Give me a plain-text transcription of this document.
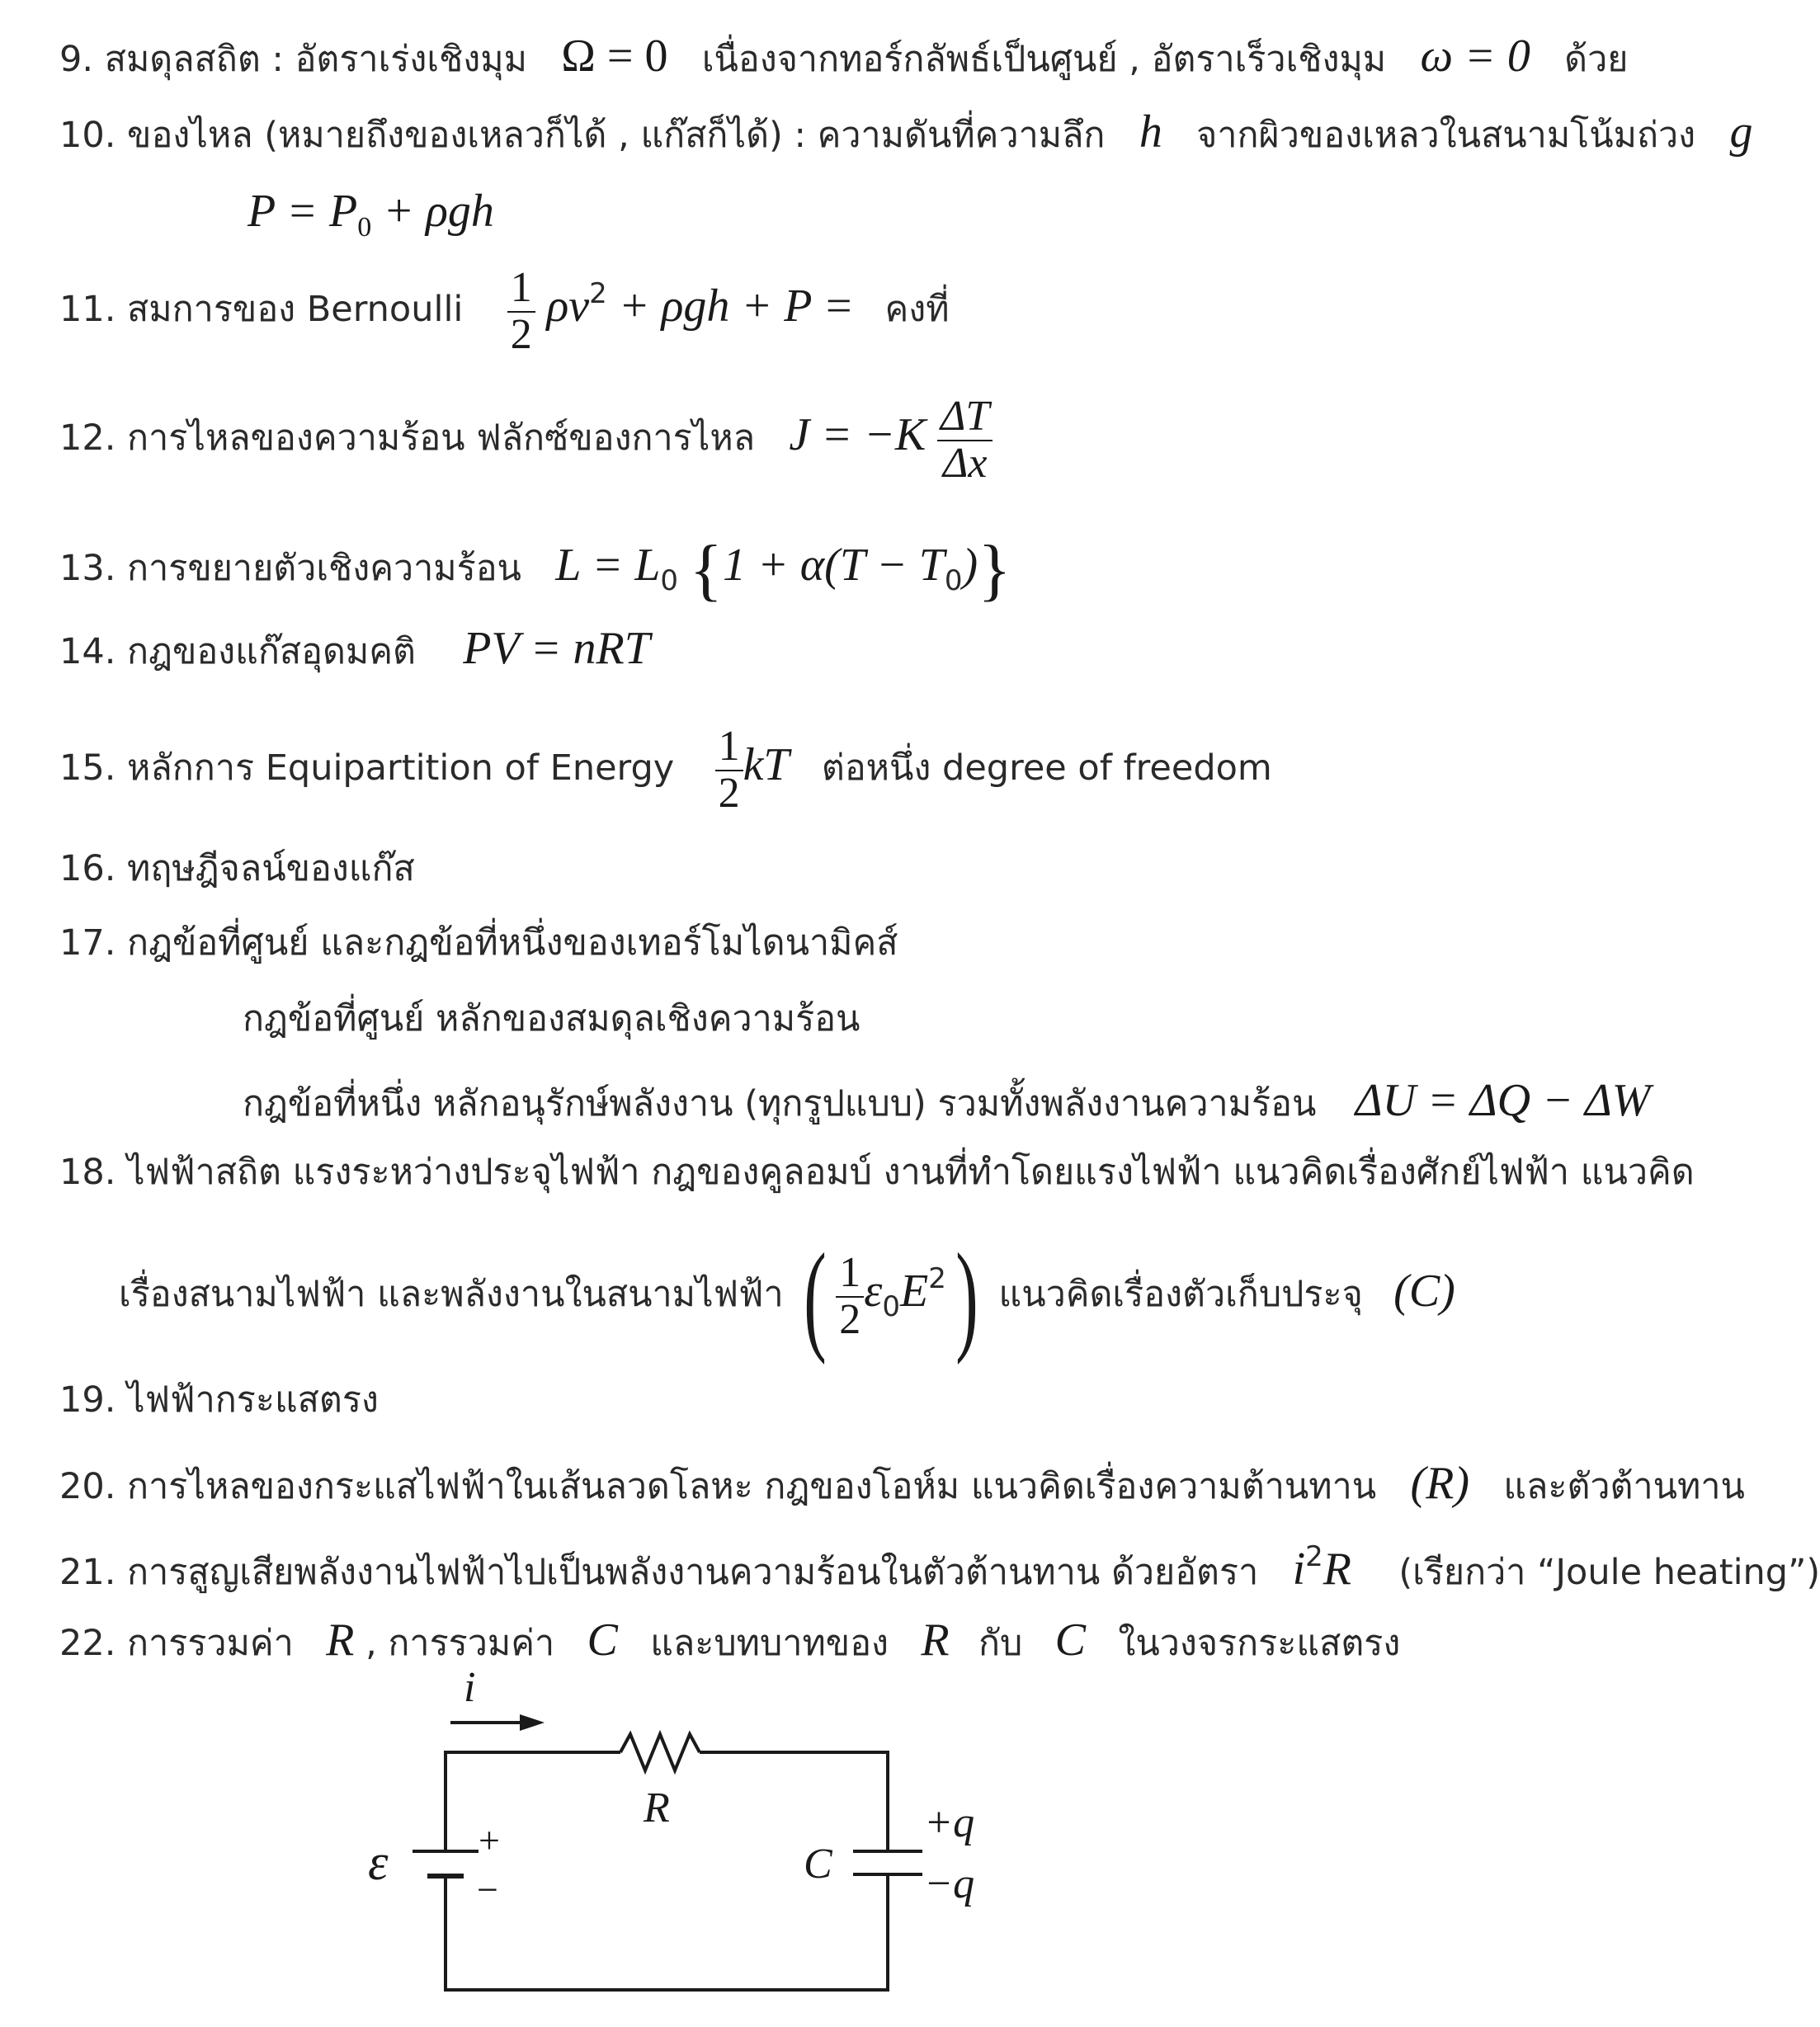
9. สมดุลสถิต : อัตราเร่งเชิงมุม Ω = 0 เนื่องจากทอร์กลัพธ์เป็นศูนย์ , อัตราเร็วเชิงมุม ω = 0 ด้วย
10. ของไหล (หมายถึงของเหลวก็ได้ , แก๊สก็ได้) : ความดันที่ความลึก h จากผิวของเหลวในสนามโน้มถ่วง g
$P = P_0 + \rho gh$
11. สมการของ Bernoulli $\frac{1}{2} \rho v^2 + \rho gh + P$ = คงที่
12. การไหลของความร้อน ฟลักซ์ของการไหล $J = -K \frac{\Delta T}{\Delta x}$
13. การขยายตัวเชิงความร้อน $L = L_0$ $\{1 + \alpha(T - T_0)\}$
14. กฎของแก๊สอุดมคติ PV = nRT
15. หลักการ Equipartition of Energy $\frac{1}{2}$ kT ต่อหนึ่ง degree of freedom
16. ทฤษฎีจลน์ของแก๊ส
17. กฎข้อที่ศูนย์ และกฎข้อที่หนึ่งของเทอร์โมไดนามิคส์
กฎข้อที่ศูนย์ หลักของสมดุลเชิงความร้อน
กฎข้อที่หนึ่ง หลักอนุรักษ์พลังงาน (ทุกรูปแบบ) รวมทั้งพลังงานความร้อน ΔU = ΔQ − ΔW
18. ไฟฟ้าสถิต แรงระหว่างประจุไฟฟ้า กฎของคูลอมบ์ งานที่ทำโดยแรงไฟฟ้า แนวคิดเรื่องศักย์ไฟฟ้า แนวคิด
เรื่องสนามไฟฟ้า และพลังงานในสนามไฟฟ้า ( $\frac{1}{2} \varepsilon_0E^2$) แนวคิดเรื่องตัวเก็บประจุ (C)
19. ไฟฟ้ากระแสตรง
20. การไหลของกระแสไฟฟ้าในเส้นลวดโลหะ กฎของโอห์ม แนวคิดเรื่องความต้านทาน (R) และตัวต้านทาน
21. การสูญเสียพลังงานไฟฟ้าไปเป็นพลังงานความร้อนในตัวต้านทาน ด้วยอัตรา $i^2R$ (เรียกว่า “Joule heating”)
22. การรวมค่า R , การรวมค่า C และบทบาทของ R กับ C ในวงจรกระแสตรง
i
R
ε +
−
C
+q
−q
